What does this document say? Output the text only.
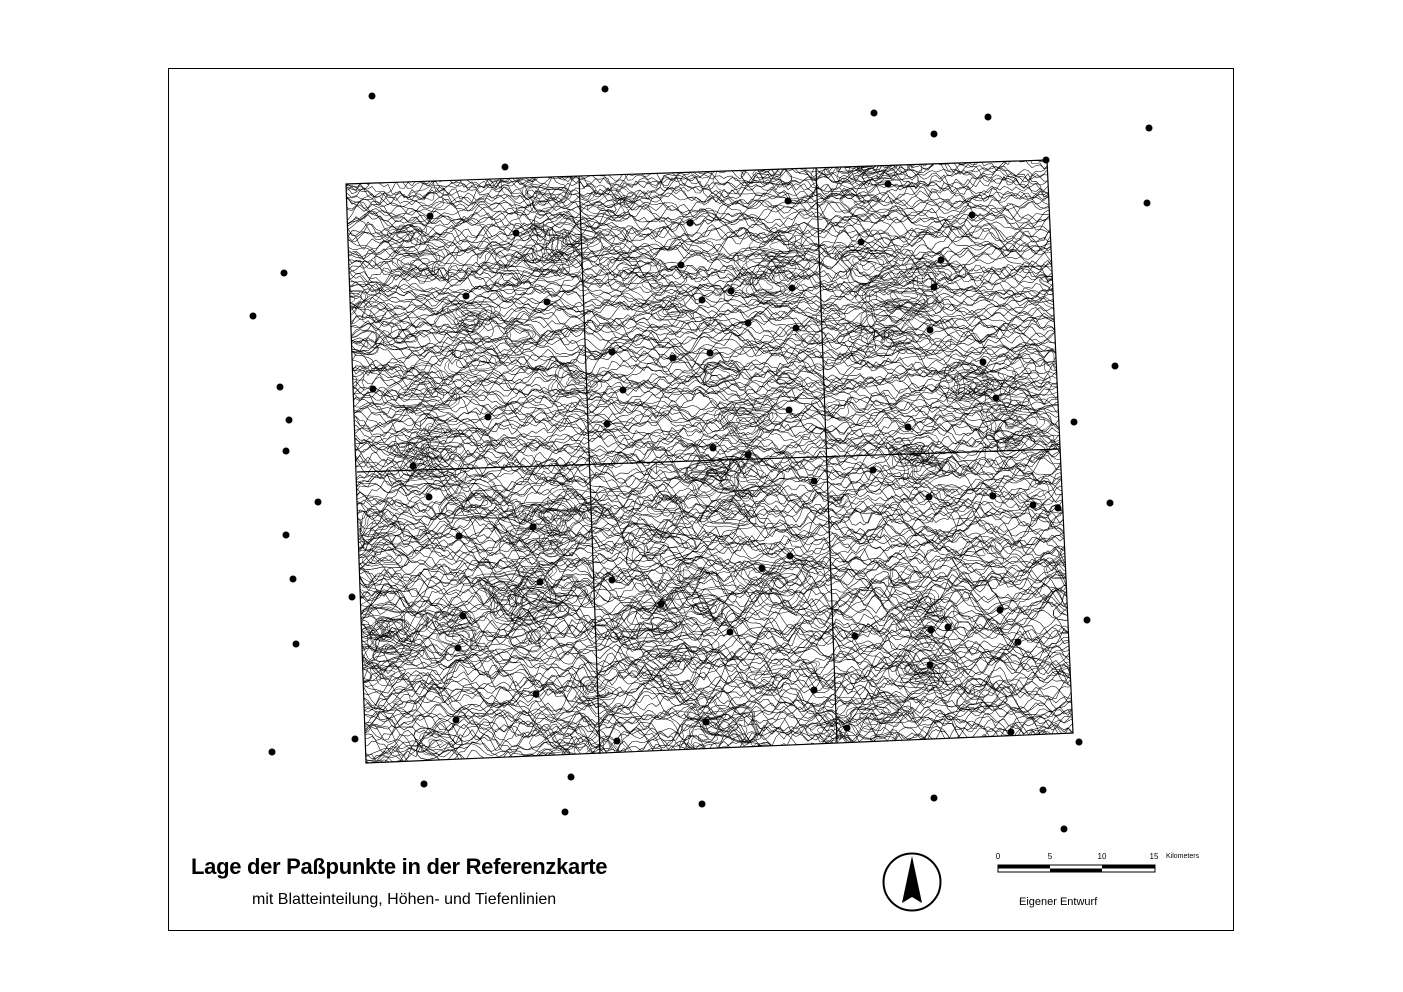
Lage der Paßpunkte in der Referenzkarte
mit Blatteinteilung, Höhen- und Tiefenlinien
0	5	10	15 Kilometers
Eigener Entwurf
